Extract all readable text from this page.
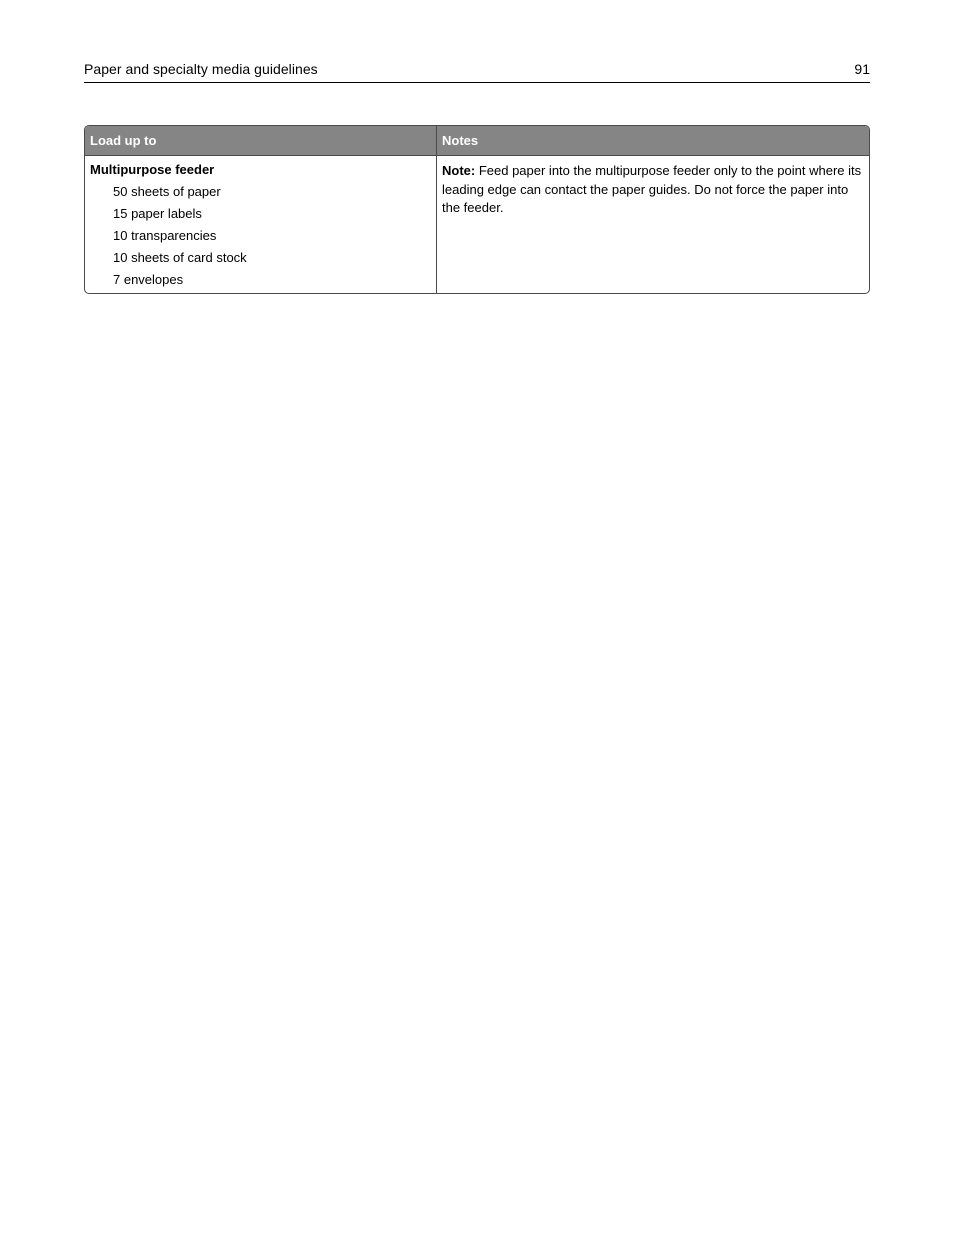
Paper and specialty media guidelines	91
Load up to	Notes
Multipurpose feeder
50 sheets of paper
15 paper labels
10 transparencies
10 sheets of card stock
7 envelopes
Note: Feed paper into the multipurpose feeder only to the point where its leading edge can contact the paper guides. Do not force the paper into the feeder.
